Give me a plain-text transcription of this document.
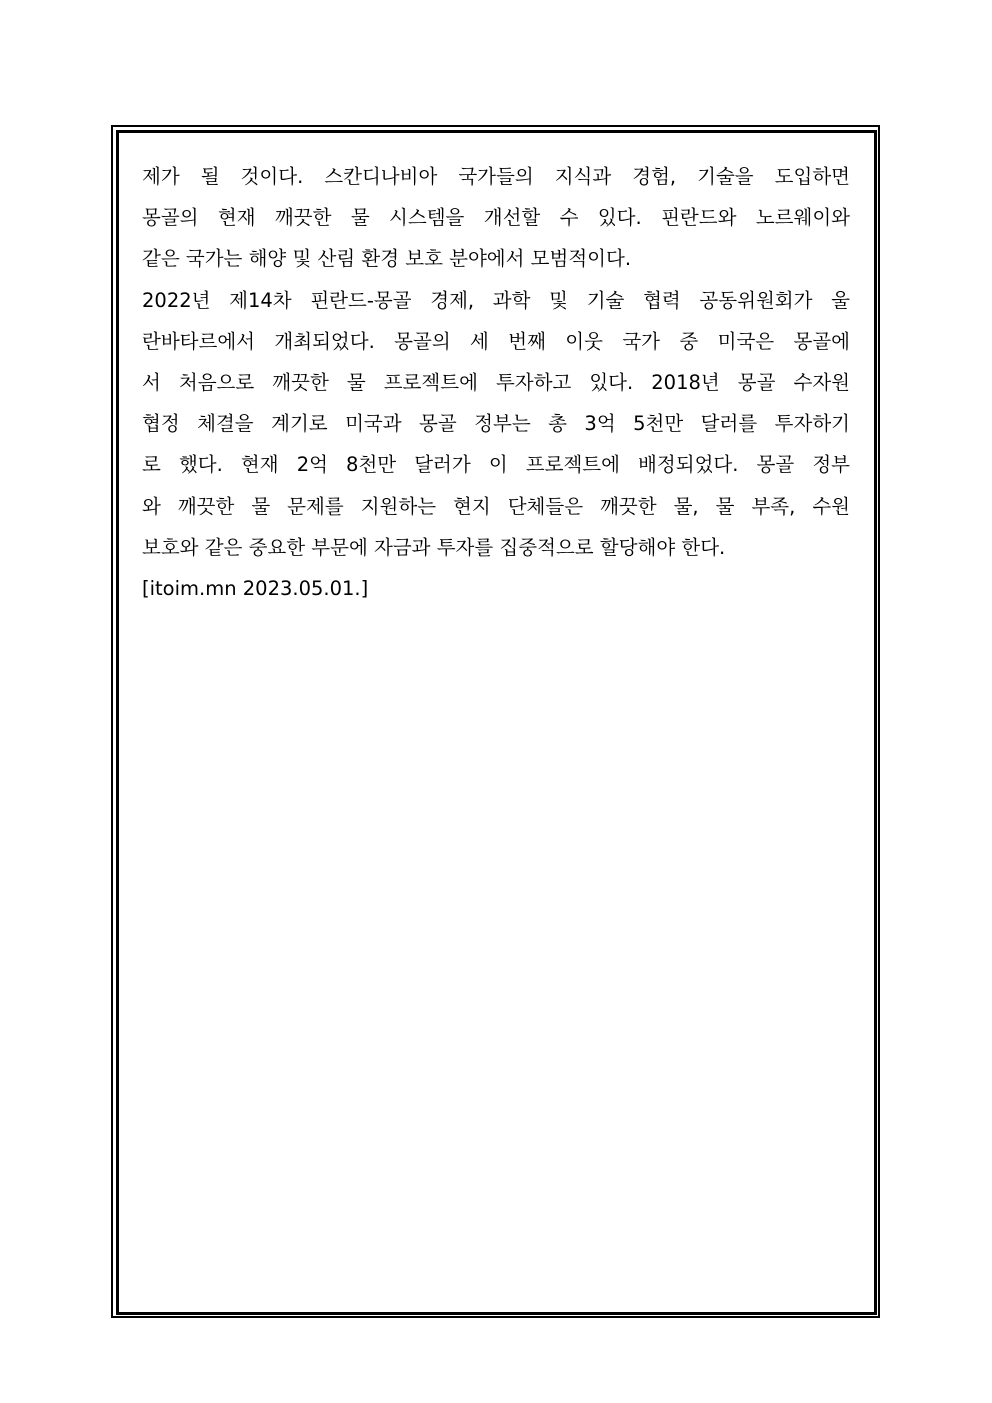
제가 될 것이다. 스칸디나비아 국가들의 지식과 경험, 기술을 도입하면
몽골의 현재 깨끗한 물 시스템을 개선할 수 있다. 핀란드와 노르웨이와
같은 국가는 해양 및 산림 환경 보호 분야에서 모범적이다.
2022년 제14차 핀란드-몽골 경제, 과학 및 기술 협력 공동위원회가 울
란바타르에서 개최되었다. 몽골의 세 번째 이웃 국가 중 미국은 몽골에
서 처음으로 깨끗한 물 프로젝트에 투자하고 있다. 2018년 몽골 수자원
협정 체결을 계기로 미국과 몽골 정부는 총 3억 5천만 달러를 투자하기
로 했다. 현재 2억 8천만 달러가 이 프로젝트에 배정되었다. 몽골 정부
와 깨끗한 물 문제를 지원하는 현지 단체들은 깨끗한 물, 물 부족, 수원
보호와 같은 중요한 부문에 자금과 투자를 집중적으로 할당해야 한다.
[itoim.mn 2023.05.01.]
